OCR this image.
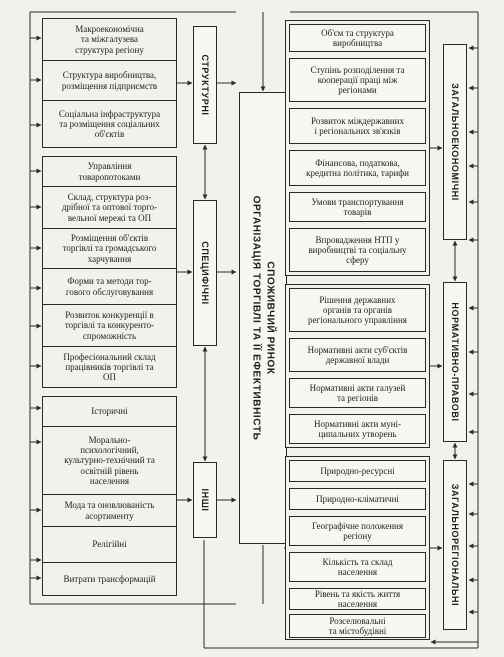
СПОЖИВЧИЙ РИНОК
ОРГАНІЗАЦІЯ ТОРГІВЛІ ТА ЇЇ ЕФЕКТИВНІСТЬ
Макроекономічна
та міжгалузева
структура регіону
Структура виробництва,
розміщення підприємств
Соціальна інфраструктура
та розміщення соціальних
об'єктів
СТРУКТУРНІ
Управління
товаропотоками
Склад, структура роз-
дрібної та оптової торго-
вельної мережі та ОП
Розміщення об'єктів
торгівлі та громадського
харчування
Форми та методи тор-
гового обслуговування
Розвиток конкуренції в
торгівлі та конкуренто-
спроможність
Професіональний склад
працівників торгівлі та
ОП
СПЕЦИФІЧНІ
Історичні
Морально-
психологічний,
культурно-технічний та
освітній рівень
населення
Мода та оновлюваність
асортименту
Релігійні
Витрати трансформацій
ІНШІ
Об'єм та структура
виробництва
Ступінь розподілення та
кооперації праці між
регіонами
Розвиток міждержавних
і регіональних зв'язків
Фінансова, податкова,
кредитна політика, тарифи
Умови транспортування
товарів
Впровадження НТП у
виробництві та соціальну
сферу
ЗАГАЛЬНОЕКОНОМІЧНІ
Рішення державних
органів та органів
регіонального управління
Нормативні акти суб'єктів
державної влади
Нормативні акти галузей
та регіонів
Нормативні акти муні-
ципальних утворень
НОРМАТИВНО-ПРАВОВІ
Природно-ресурсні
Природно-кліматичні
Географічне положення
регіону
Кількість та склад
населення
Рівень та якість життя
населення
Розселювальні
та містобудівні
ЗАГАЛЬНОРЕГІОНАЛЬНІ
